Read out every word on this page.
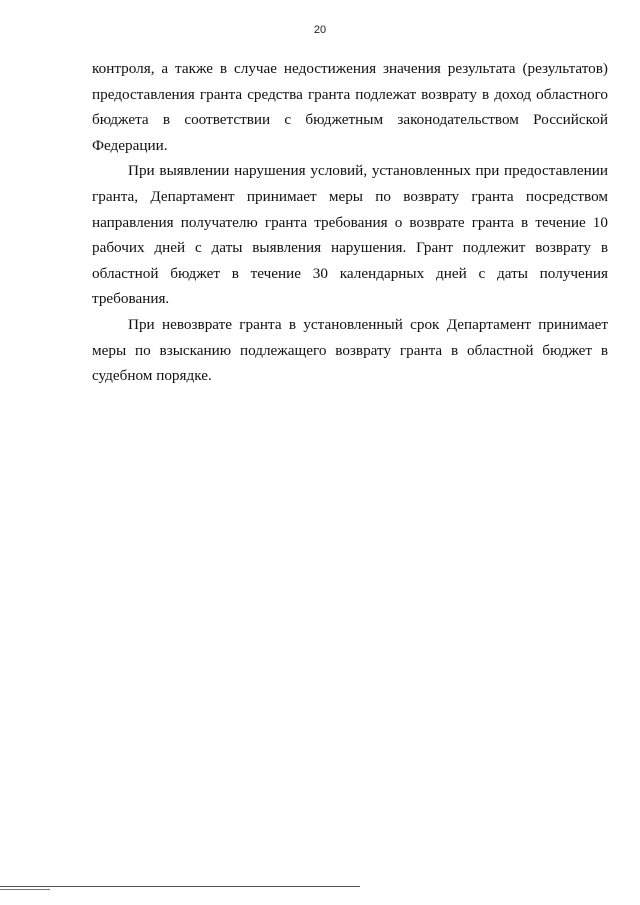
20

контроля, а также в случае недостижения значения результата (результатов) предоставления гранта средства гранта подлежат возврату в доход областного бюджета в соответствии с бюджетным законодательством Российской Федерации.

При выявлении нарушения условий, установленных при предоставлении гранта, Департамент принимает меры по возврату гранта посредством направления получателю гранта требования о возврате гранта в течение 10 рабочих дней с даты выявления нарушения. Грант подлежит возврату в областной бюджет в течение 30 календарных дней с даты получения требования.

При невозврате гранта в установленный срок Департамент принимает меры по взысканию подлежащего возврату гранта в областной бюджет в судебном порядке.
